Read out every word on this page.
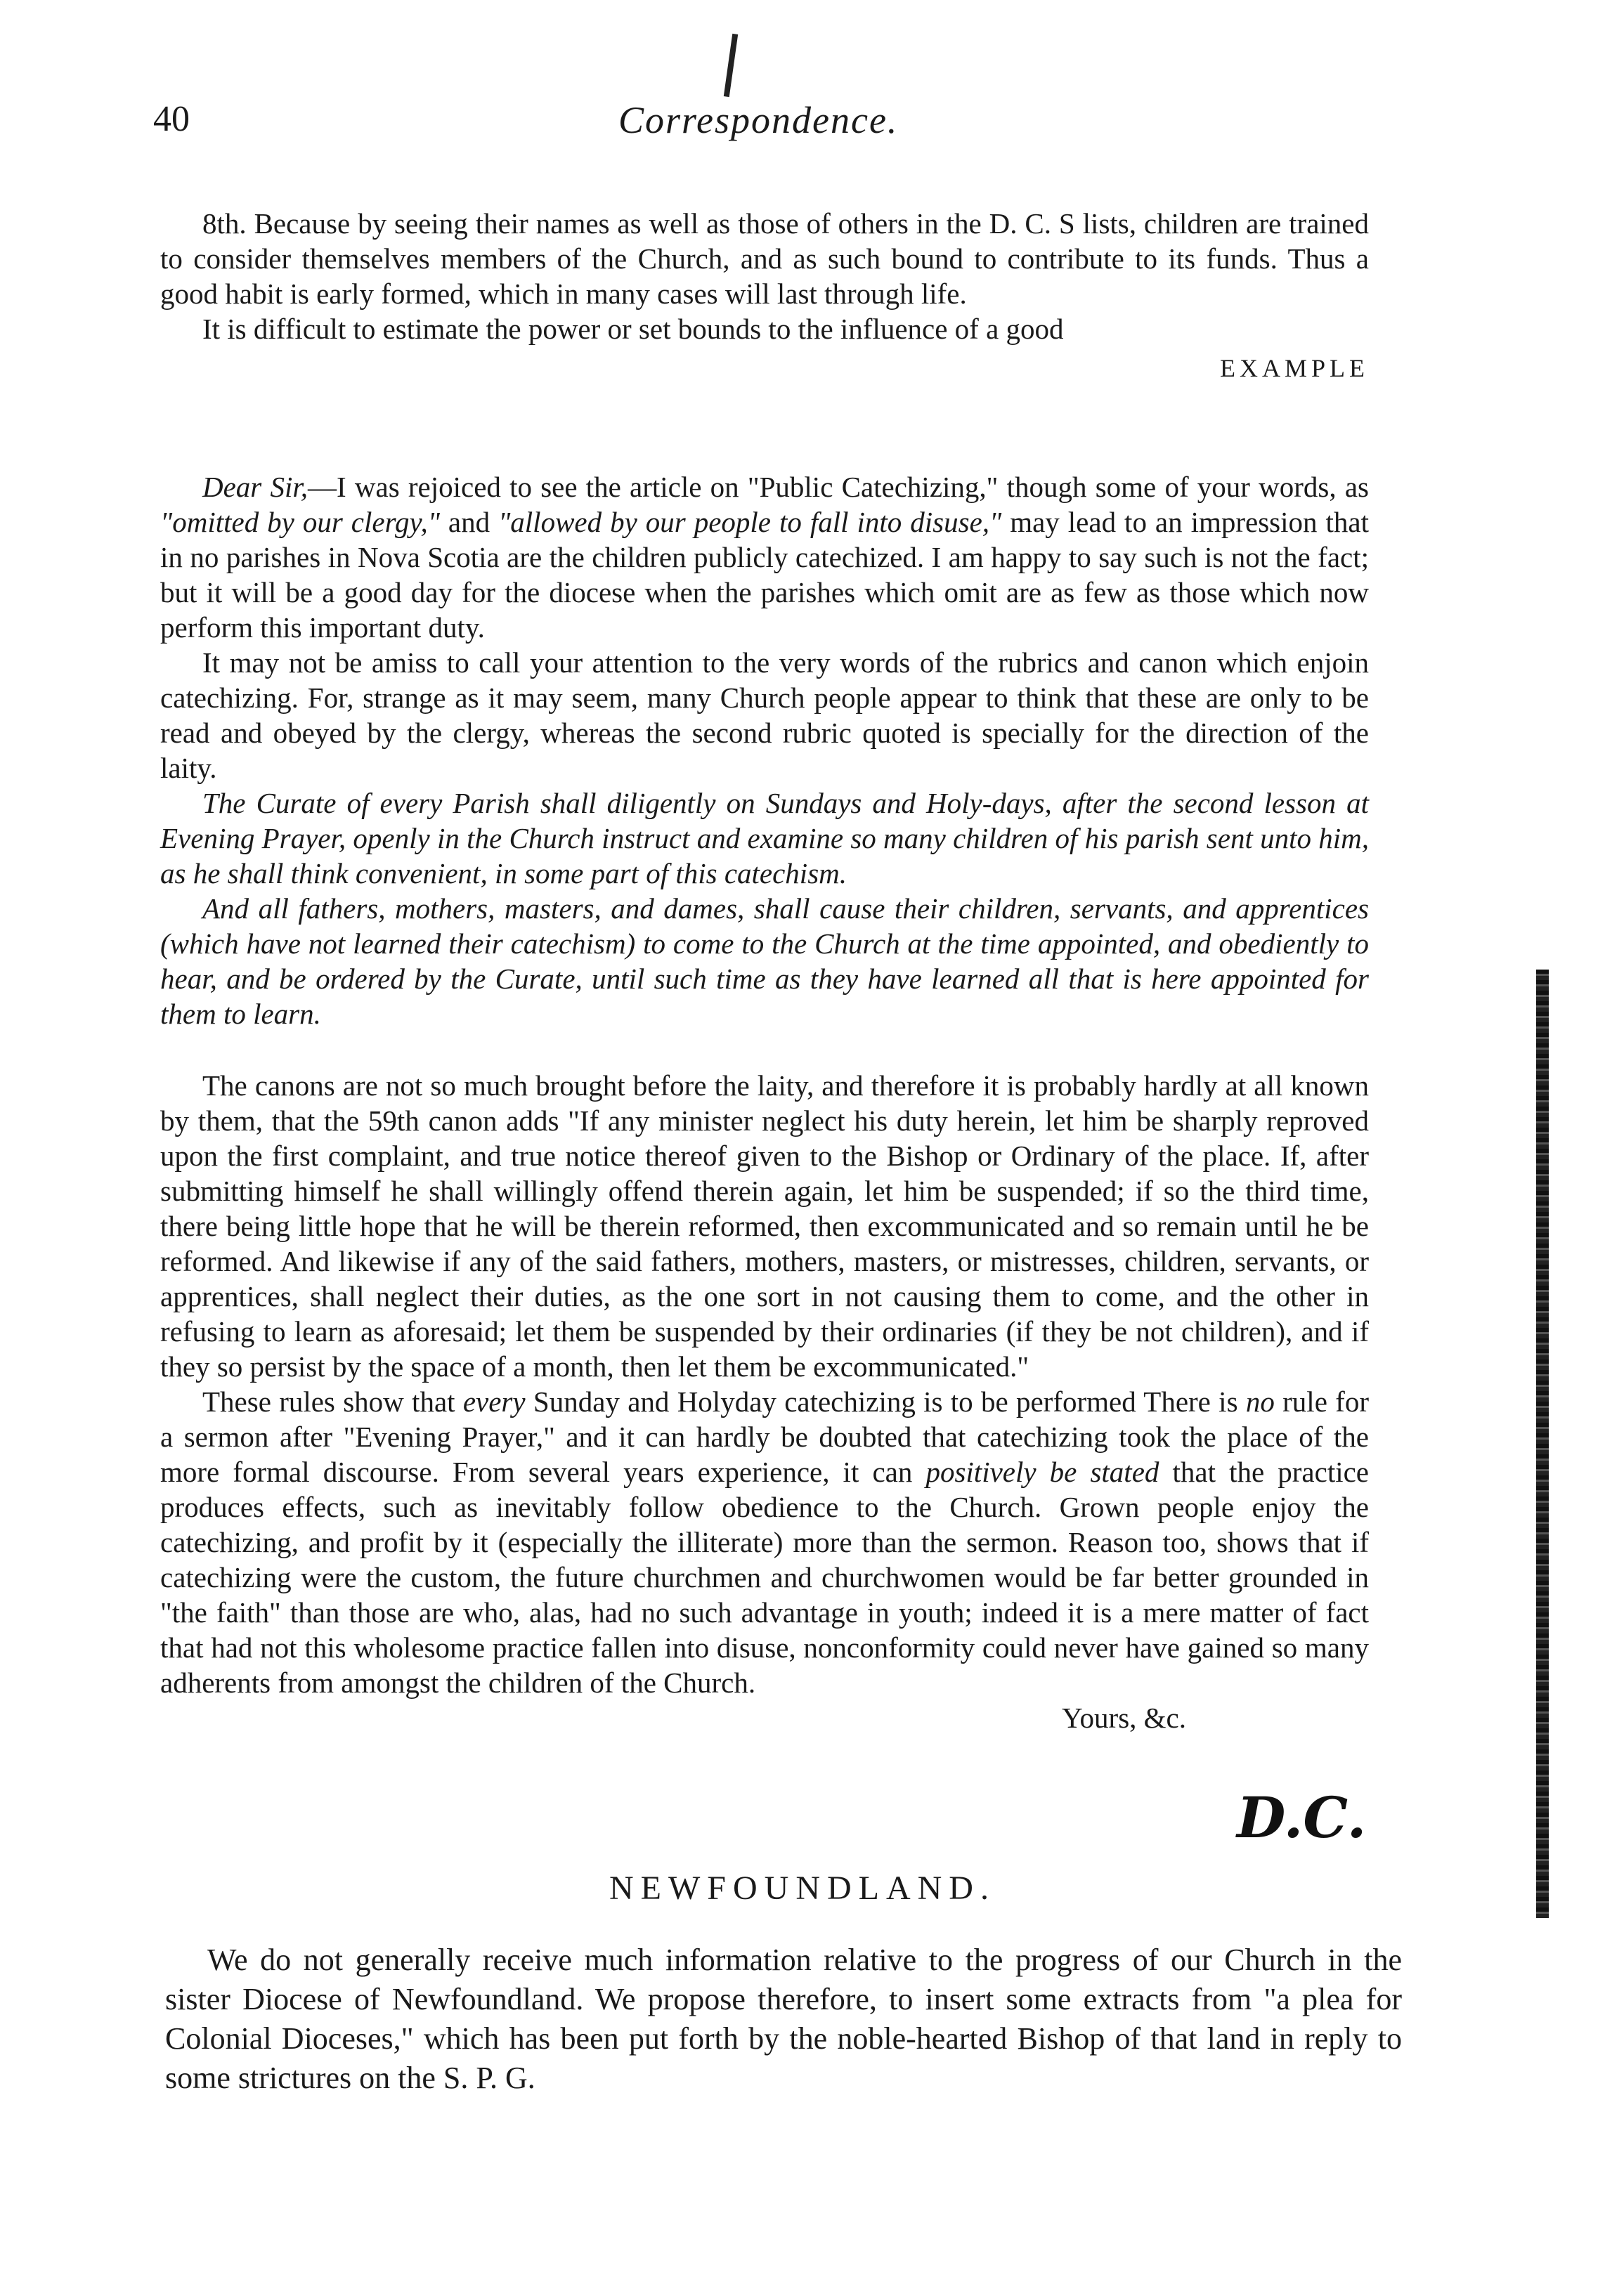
40	Correspondence.

8th. Because by seeing their names as well as those of others in the D. C. S lists, children are trained to consider themselves members of the Church, and as such bound to contribute to its funds. Thus a good habit is early formed, which in many cases will last through life.

It is difficult to estimate the power or set bounds to the influence of a good

EXAMPLE

Dear Sir,—I was rejoiced to see the article on "Public Catechizing," though some of your words, as "omitted by our clergy," and "allowed by our people to fall into disuse," may lead to an impression that in no parishes in Nova Scotia are the children publicly catechized. I am happy to say such is not the fact; but it will be a good day for the diocese when the parishes which omit are as few as those which now perform this important duty.

It may not be amiss to call your attention to the very words of the rubrics and canon which enjoin catechizing. For, strange as it may seem, many Church people appear to think that these are only to be read and obeyed by the clergy, whereas the second rubric quoted is specially for the direction of the laity.

The Curate of every Parish shall diligently on Sundays and Holy-days, after the second lesson at Evening Prayer, openly in the Church instruct and examine so many children of his parish sent unto him, as he shall think convenient, in some part of this catechism.

And all fathers, mothers, masters, and dames, shall cause their children, servants, and apprentices (which have not learned their catechism) to come to the Church at the time appointed, and obediently to hear, and be ordered by the Curate, until such time as they have learned all that is here appointed for them to learn.

The canons are not so much brought before the laity, and therefore it is probably hardly at all known by them, that the 59th canon adds "If any minister neglect his duty herein, let him be sharply reproved upon the first complaint, and true notice thereof given to the Bishop or Ordinary of the place. If, after submitting himself he shall willingly offend therein again, let him be suspended; if so the third time, there being little hope that he will be therein reformed, then excommunicated and so remain until he be reformed. And likewise if any of the said fathers, mothers, masters, or mistresses, children, servants, or apprentices, shall neglect their duties, as the one sort in not causing them to come, and the other in refusing to learn as aforesaid; let them be suspended by their ordinaries (if they be not children), and if they so persist by the space of a month, then let them be excommunicated."

These rules show that every Sunday and Holyday catechizing is to be performed There is no rule for a sermon after "Evening Prayer," and it can hardly be doubted that catechizing took the place of the more formal discourse. From several years experience, it can positively be stated that the practice produces effects, such as inevitably follow obedience to the Church. Grown people enjoy the catechizing, and profit by it (especially the illiterate) more than the sermon. Reason too, shows that if catechizing were the custom, the future churchmen and churchwomen would be far better grounded in "the faith" than those are who, alas, had no such advantage in youth; indeed it is a mere matter of fact that had not this wholesome practice fallen into disuse, nonconformity could never have gained so many adherents from amongst the children of the Church.

Yours, &c.

D.C.
NEWFOUNDLAND.

We do not generally receive much information relative to the progress of our Church in the sister Diocese of Newfoundland. We propose therefore, to insert some extracts from "a plea for Colonial Dioceses," which has been put forth by the noble-hearted Bishop of that land in reply to some strictures on the S. P. G.
